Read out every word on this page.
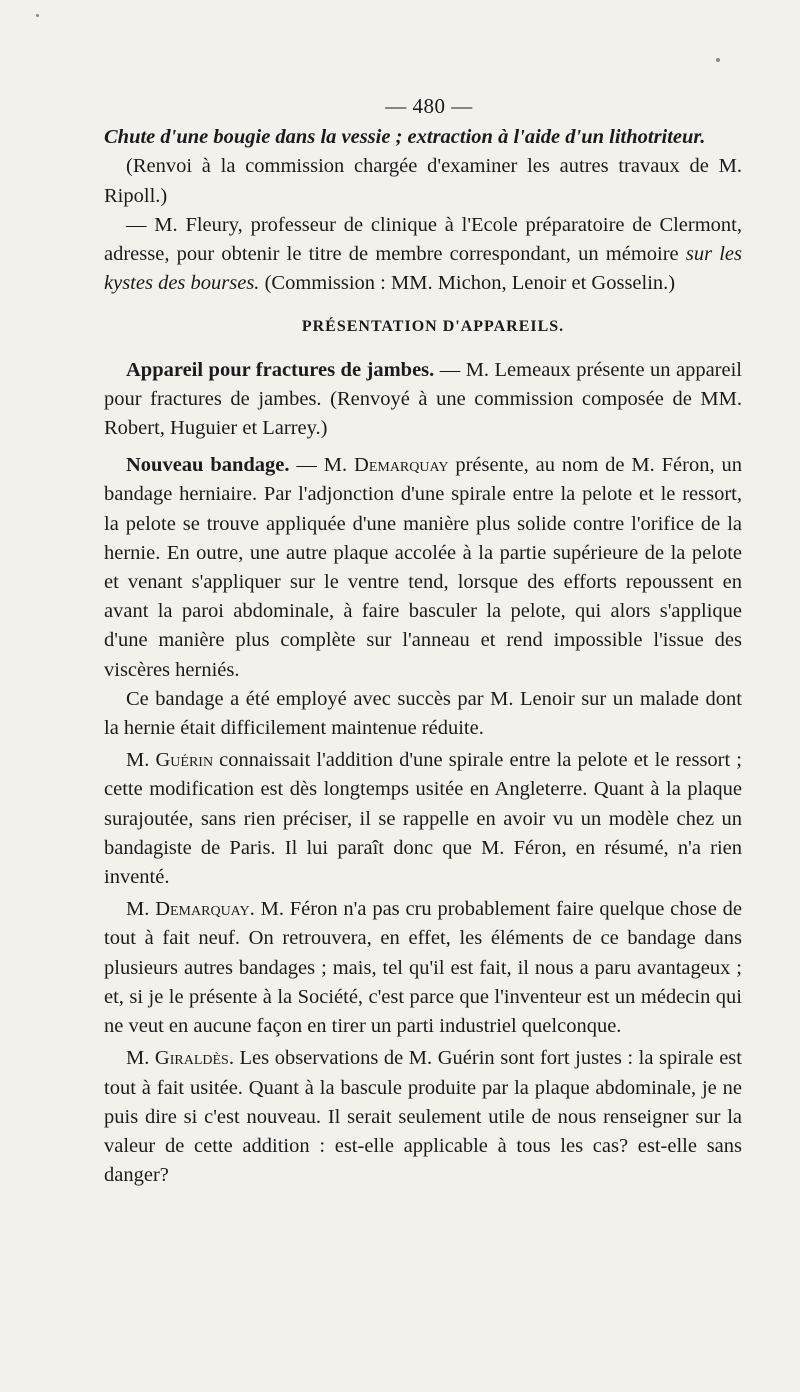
— 480 —

Chute d'une bougie dans la vessie ; extraction à l'aide d'un lithotriteur.

(Renvoi à la commission chargée d'examiner les autres travaux de M. Ripoll.)

— M. Fleury, professeur de clinique à l'Ecole préparatoire de Clermont, adresse, pour obtenir le titre de membre correspondant, un mémoire sur les kystes des bourses. (Commission : MM. Michon, Lenoir et Gosselin.)

PRÉSENTATION D'APPAREILS.

Appareil pour fractures de jambes. — M. Lemeaux présente un appareil pour fractures de jambes. (Renvoyé à une commission composée de MM. Robert, Huguier et Larrey.)

Nouveau bandage. — M. Demarquay présente, au nom de M. Féron, un bandage herniaire. Par l'adjonction d'une spirale entre la pelote et le ressort, la pelote se trouve appliquée d'une manière plus solide contre l'orifice de la hernie. En outre, une autre plaque accolée à la partie supérieure de la pelote et venant s'appliquer sur le ventre tend, lorsque des efforts repoussent en avant la paroi abdominale, à faire basculer la pelote, qui alors s'applique d'une manière plus complète sur l'anneau et rend impossible l'issue des viscères herniés.

Ce bandage a été employé avec succès par M. Lenoir sur un malade dont la hernie était difficilement maintenue réduite.

M. Guérin connaissait l'addition d'une spirale entre la pelote et le ressort ; cette modification est dès longtemps usitée en Angleterre. Quant à la plaque surajoutée, sans rien préciser, il se rappelle en avoir vu un modèle chez un bandagiste de Paris. Il lui paraît donc que M. Féron, en résumé, n'a rien inventé.

M. Demarquay. M. Féron n'a pas cru probablement faire quelque chose de tout à fait neuf. On retrouvera, en effet, les éléments de ce bandage dans plusieurs autres bandages ; mais, tel qu'il est fait, il nous a paru avantageux ; et, si je le présente à la Société, c'est parce que l'inventeur est un médecin qui ne veut en aucune façon en tirer un parti industriel quelconque.

M. Giraldès. Les observations de M. Guérin sont fort justes : la spirale est tout à fait usitée. Quant à la bascule produite par la plaque abdominale, je ne puis dire si c'est nouveau. Il serait seulement utile de nous renseigner sur la valeur de cette addition : est-elle applicable à tous les cas? est-elle sans danger?
